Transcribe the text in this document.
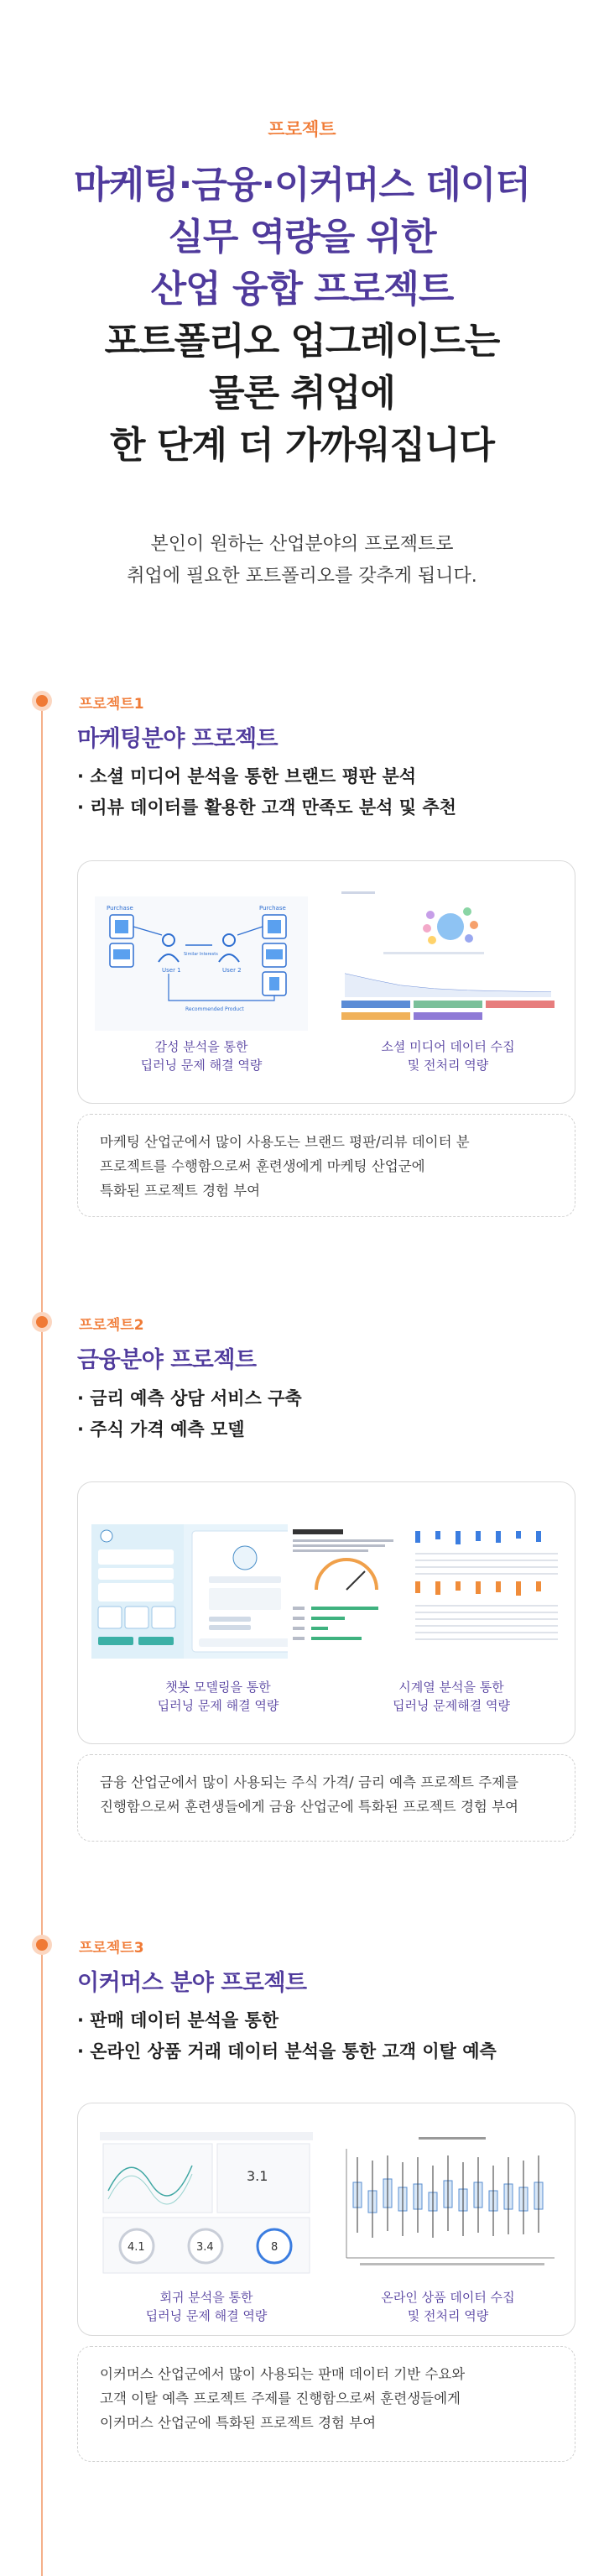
프로젝트
마케팅·금융·이커머스 데이터
실무 역량을 위한
산업 융합 프로젝트
포트폴리오 업그레이드는
물론 취업에
한 단계 더 가까워집니다
본인이 원하는 산업분야의 프로젝트로
취업에 필요한 포트폴리오를 갖추게 됩니다.
프로젝트1
마케팅분야 프로젝트
· 소셜 미디어 분석을 통한 브랜드 평판 분석
· 리뷰 데이터를 활용한 고객 만족도 분석 및 추천
Purchase	Purchase
User 1	User 2
Similar Interests
Recommended Product
감성 분석을 통한
딥러닝 문제 해결 역량
소셜 미디어 데이터 수집
및 전처리 역량

마케팅 산업군에서 많이 사용도는 브랜드 평판/리뷰 데이터 분

프로젝트를 수행함으로써 훈련생에게 마케팅 산업군에

특화된 프로젝트 경험 부여

프로젝트2
금융분야 프로젝트
· 금리 예측 상담 서비스 구축
· 주식 가격 예측 모델
챗봇 모델링을 통한
딥러닝 문제 해결 역량
시계열 분석을 통한
딥러닝 문제해결 역량

금융 산업군에서 많이 사용되는 주식 가격/ 금리 예측 프로젝트 주제를

진행함으로써 훈련생들에게 금융 산업군에 특화된 프로젝트 경험 부여

프로젝트3
이커머스 분야 프로젝트
· 판매 데이터 분석을 통한
· 온라인 상품 거래 데이터 분석을 통한 고객 이탈 예측
3.1
4.1	3.4	8
회귀 분석을 통한
딥러닝 문제 해결 역량
온라인 상품 데이터 수집
및 전처리 역량

이커머스 산업군에서 많이 사용되는 판매 데이터 기반 수요와

고객 이탈 예측 프로젝트 주제를 진행함으로써 훈련생들에게

이커머스 산업군에 특화된 프로젝트 경험 부여
